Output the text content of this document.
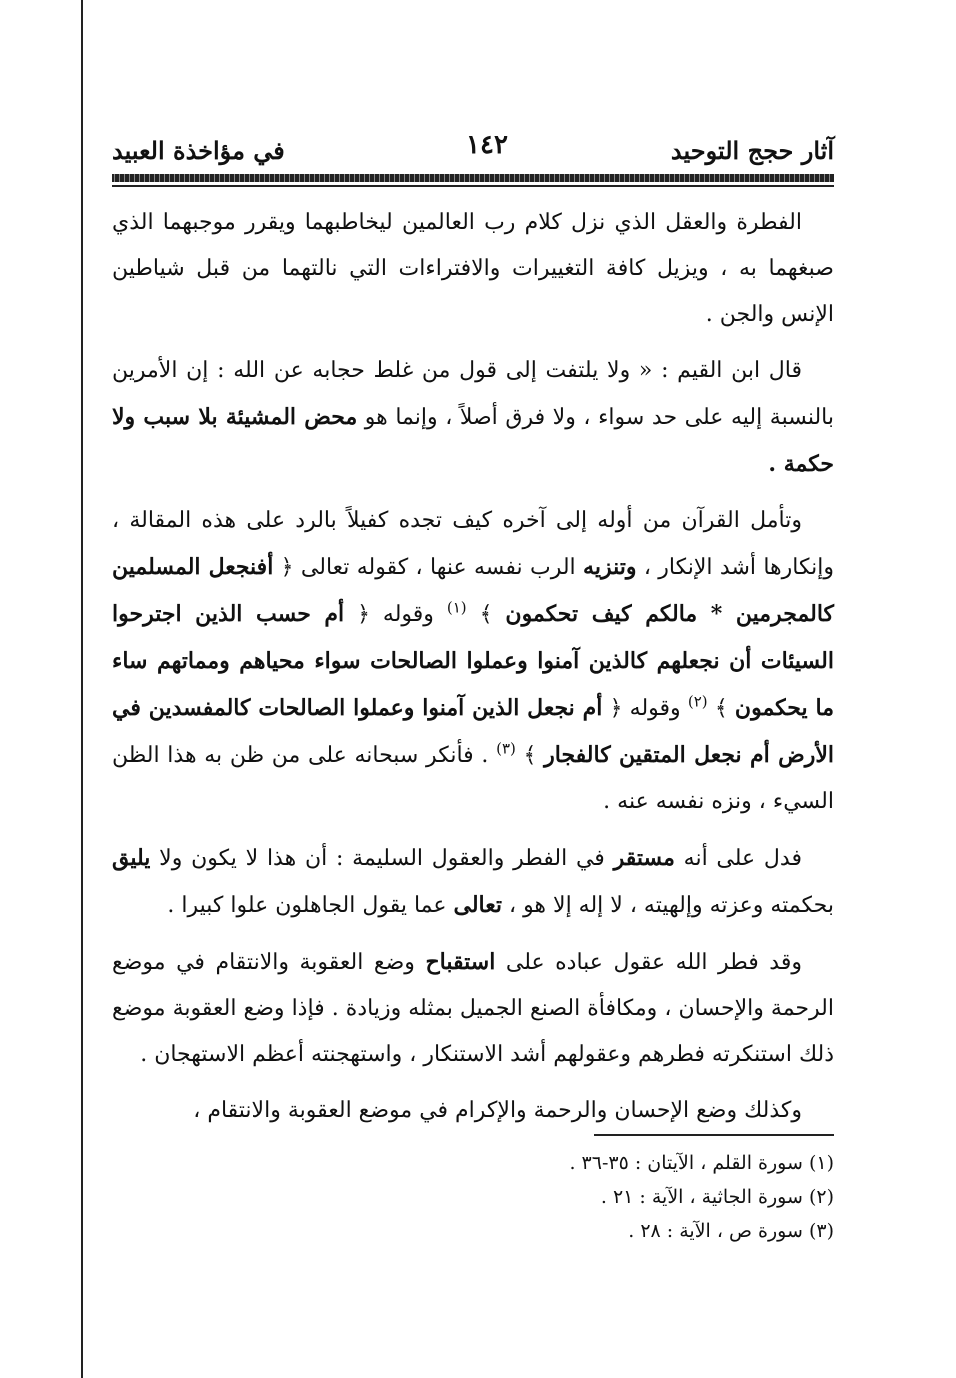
آثار حجج التوحيد
١٤٢
في مؤاخذة العبيد

الفطرة والعقل الذي نزل كلام رب العالمين ليخاطبهما ويقرر موجبهما الذي صبغهما به ، ويزيل كافة التغييرات والافتراءات التي نالتهما من قبل شياطين الإنس والجن .

قال ابن القيم : « ولا يلتفت إلى قول من غلط حجابه عن الله : إن الأمرين بالنسبة إليه على حد سواء ، ولا فرق أصلاً ، وإنما هو محض المشيئة بلا سبب ولا حكمة .

وتأمل القرآن من أوله إلى آخره كيف تجده كفيلاً بالرد على هذه المقالة ، وإنكارها أشد الإنكار ، وتنزيه الرب نفسه عنها ، كقوله تعالى ﴿ أفنجعل المسلمين كالمجرمين * مالكم كيف تحكمون ﴾ $^{(١)}$ وقوله ﴿ أم حسب الذين اجترحوا السيئات أن نجعلهم كالذين آمنوا وعملوا الصالحات سواء محياهم ومماتهم ساء ما يحكمون ﴾ $^{(٢)}$ وقوله ﴿ أم نجعل الذين آمنوا وعملوا الصالحات كالمفسدين في الأرض أم نجعل المتقين كالفجار ﴾ $^{(٣)}$ . فأنكر سبحانه على من ظن به هذا الظن السيء ، ونزه نفسه عنه .

فدل على أنه مستقر في الفطر والعقول السليمة : أن هذا لا يكون ولا يليق بحكمته وعزته وإلهيته ، لا إله إلا هو ، تعالى عما يقول الجاهلون علوا كبيرا .

وقد فطر الله عقول عباده على استقباح وضع العقوبة والانتقام في موضع الرحمة والإحسان ، ومكافأة الصنع الجميل بمثله وزيادة . فإذا وضع العقوبة موضع ذلك استنكرته فطرهم وعقولهم أشد الاستنكار ، واستهجنته أعظم الاستهجان .

وكذلك وضع الإحسان والرحمة والإكرام في موضع العقوبة والانتقام ،

(١) سورة القلم ، الآيتان : ٣٥-٣٦ .
(٢) سورة الجاثية ، الآية : ٢١ .
(٣) سورة ص ، الآية : ٢٨ .
